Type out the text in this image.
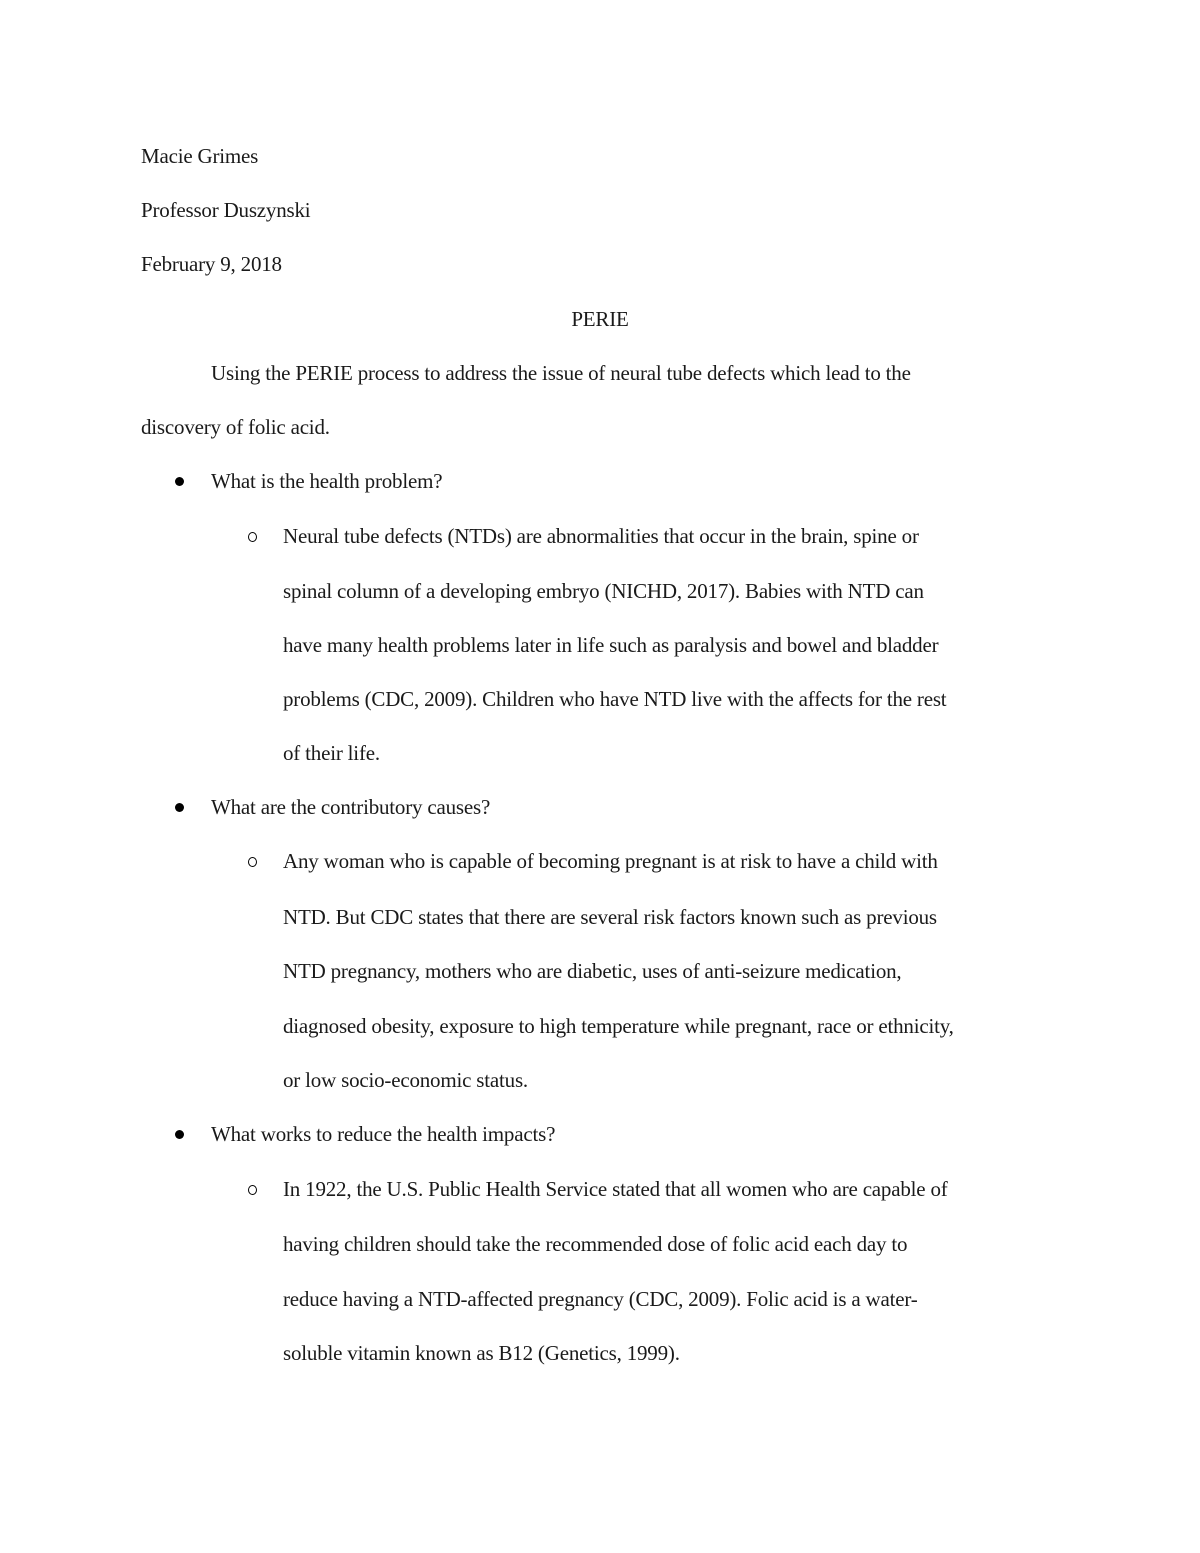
Macie Grimes
Professor Duszynski
February 9, 2018
PERIE
Using the PERIE process to address the issue of neural tube defects which lead to the
discovery of folic acid.
What is the health problem?
Neural tube defects (NTDs) are abnormalities that occur in the brain, spine or
spinal column of a developing embryo (NICHD, 2017). Babies with NTD can
have many health problems later in life such as paralysis and bowel and bladder
problems (CDC, 2009). Children who have NTD live with the affects for the rest
of their life.
What are the contributory causes?
Any woman who is capable of becoming pregnant is at risk to have a child with
NTD. But CDC states that there are several risk factors known such as previous
NTD pregnancy, mothers who are diabetic, uses of anti-seizure medication,
diagnosed obesity, exposure to high temperature while pregnant, race or ethnicity,
or low socio-economic status.
What works to reduce the health impacts?
In 1922, the U.S. Public Health Service stated that all women who are capable of
having children should take the recommended dose of folic acid each day to
reduce having a NTD-affected pregnancy (CDC, 2009). Folic acid is a water-
soluble vitamin known as B12 (Genetics, 1999).
